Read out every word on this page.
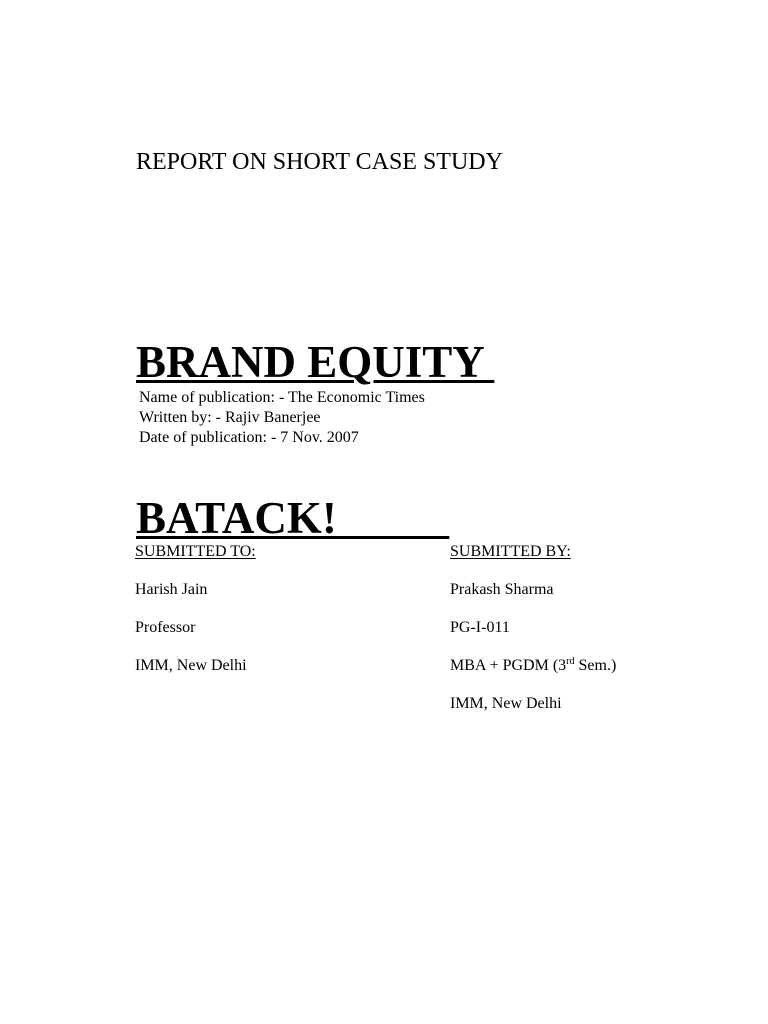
REPORT ON SHORT CASE STUDY

BRAND EQUITY

BATACK!

Name of publication: - The Economic Times
Written by: - Rajiv Banerjee
Date of publication: - 7 Nov. 2007
SUBMITTED TO:
Harish Jain
Professor
IMM, New Delhi
SUBMITTED BY:
Prakash Sharma
PG-I-011
MBA + PGDM (3rd Sem.)
IMM, New Delhi
